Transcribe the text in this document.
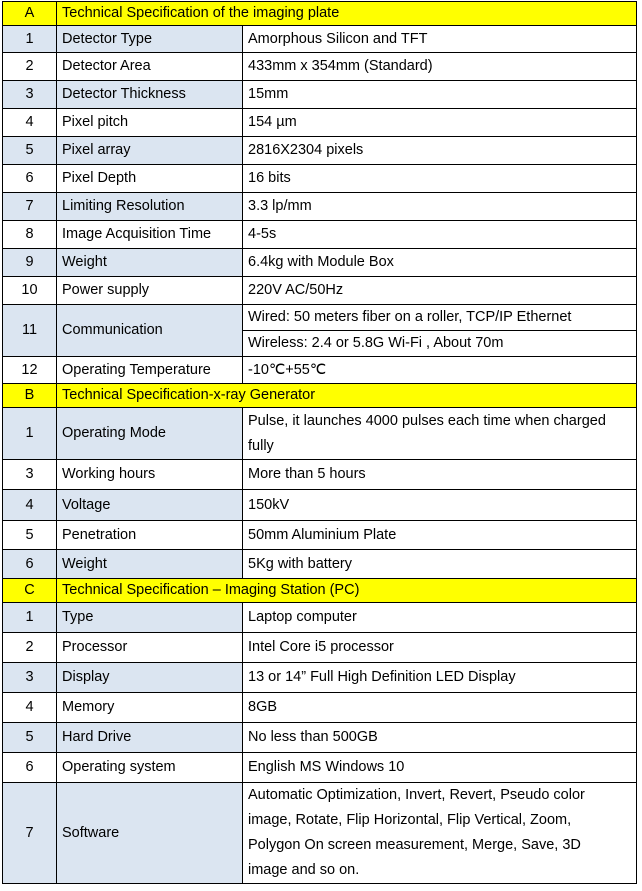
A	Technical Specification of the imaging plate	
1	Detector Type	Amorphous Silicon and TFT

2	Detector Area	433mm x 354mm (Standard)

3	Detector Thickness	15mm

4	Pixel pitch	154 µm

5	Pixel array	2816X2304 pixels

6	Pixel Depth	16 bits

7	Limiting Resolution	3.3 lp/mm

8	Image Acquisition Time	4-5s

9	Weight	6.4kg with Module Box

10	Power supply	220V AC/50Hz

11	Communication	Wired: 50 meters fiber on a roller, TCP/IP Ethernet

		Wireless: 2.4 or 5.8G Wi-Fi , About 70m

12	Operating Temperature	-10℃+55℃

B	Technical Specification-x-ray Generator	
1	Operating Mode	Pulse, it launches 4000 pulses each time when charged
fully

3	Working hours	More than 5 hours

4	Voltage	150kV

5	Penetration	50mm Aluminium Plate

6	Weight	5Kg with battery

C	Technical Specification – Imaging Station (PC)	
1	Type	Laptop computer

2	Processor	Intel Core i5 processor

3	Display	13 or 14” Full High Definition LED Display

4	Memory	8GB

5	Hard Drive	No less than 500GB

6	Operating system	English MS Windows 10

7	Software	Automatic Optimization, Invert, Revert, Pseudo color
image, Rotate, Flip Horizontal, Flip Vertical, Zoom,
Polygon On screen measurement, Merge, Save, 3D
image and so on.
